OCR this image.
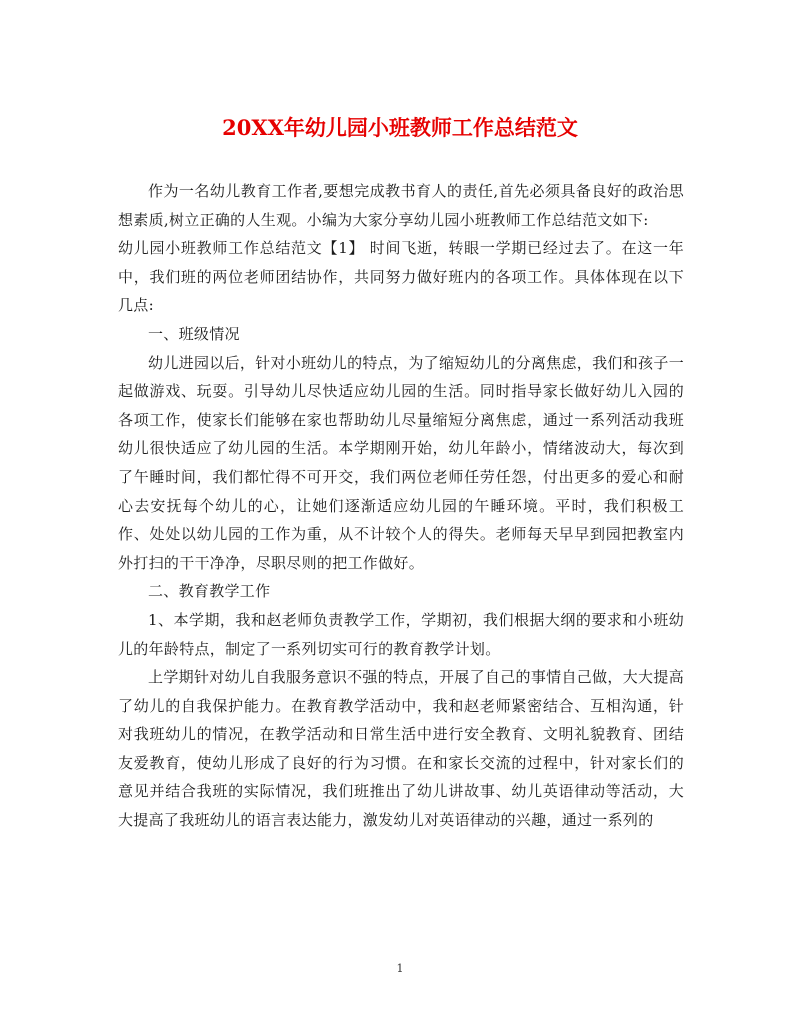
20XX年幼儿园小班教师工作总结范文

作为一名幼儿教育工作者,要想完成教书育人的责任,首先必须具备良好的政治思想素质,树立正确的人生观。小编为大家分享幼儿园小班教师工作总结范文如下:

幼儿园小班教师工作总结范文【1】 时间飞逝，转眼一学期已经过去了。在这一年中，我们班的两位老师团结协作，共同努力做好班内的各项工作。具体体现在以下几点:

一、班级情况

幼儿进园以后，针对小班幼儿的特点，为了缩短幼儿的分离焦虑，我们和孩子一起做游戏、玩耍。引导幼儿尽快适应幼儿园的生活。同时指导家长做好幼儿入园的各项工作，使家长们能够在家也帮助幼儿尽量缩短分离焦虑，通过一系列活动我班幼儿很快适应了幼儿园的生活。本学期刚开始，幼儿年龄小，情绪波动大，每次到了午睡时间，我们都忙得不可开交，我们两位老师任劳任怨，付出更多的爱心和耐心去安抚每个幼儿的心，让她们逐渐适应幼儿园的午睡环境。平时，我们积极工作、处处以幼儿园的工作为重，从不计较个人的得失。老师每天早早到园把教室内外打扫的干干净净，尽职尽则的把工作做好。

二、教育教学工作

1、本学期，我和赵老师负责教学工作，学期初，我们根据大纲的要求和小班幼儿的年龄特点，制定了一系列切实可行的教育教学计划。

上学期针对幼儿自我服务意识不强的特点，开展了自己的事情自己做，大大提高了幼儿的自我保护能力。在教育教学活动中，我和赵老师紧密结合、互相沟通，针对我班幼儿的情况，在教学活动和日常生活中进行安全教育、文明礼貌教育、团结友爱教育，使幼儿形成了良好的行为习惯。在和家长交流的过程中，针对家长们的意见并结合我班的实际情况，我们班推出了幼儿讲故事、幼儿英语律动等活动，大大提高了我班幼儿的语言表达能力，激发幼儿对英语律动的兴趣，通过一系列的

1
